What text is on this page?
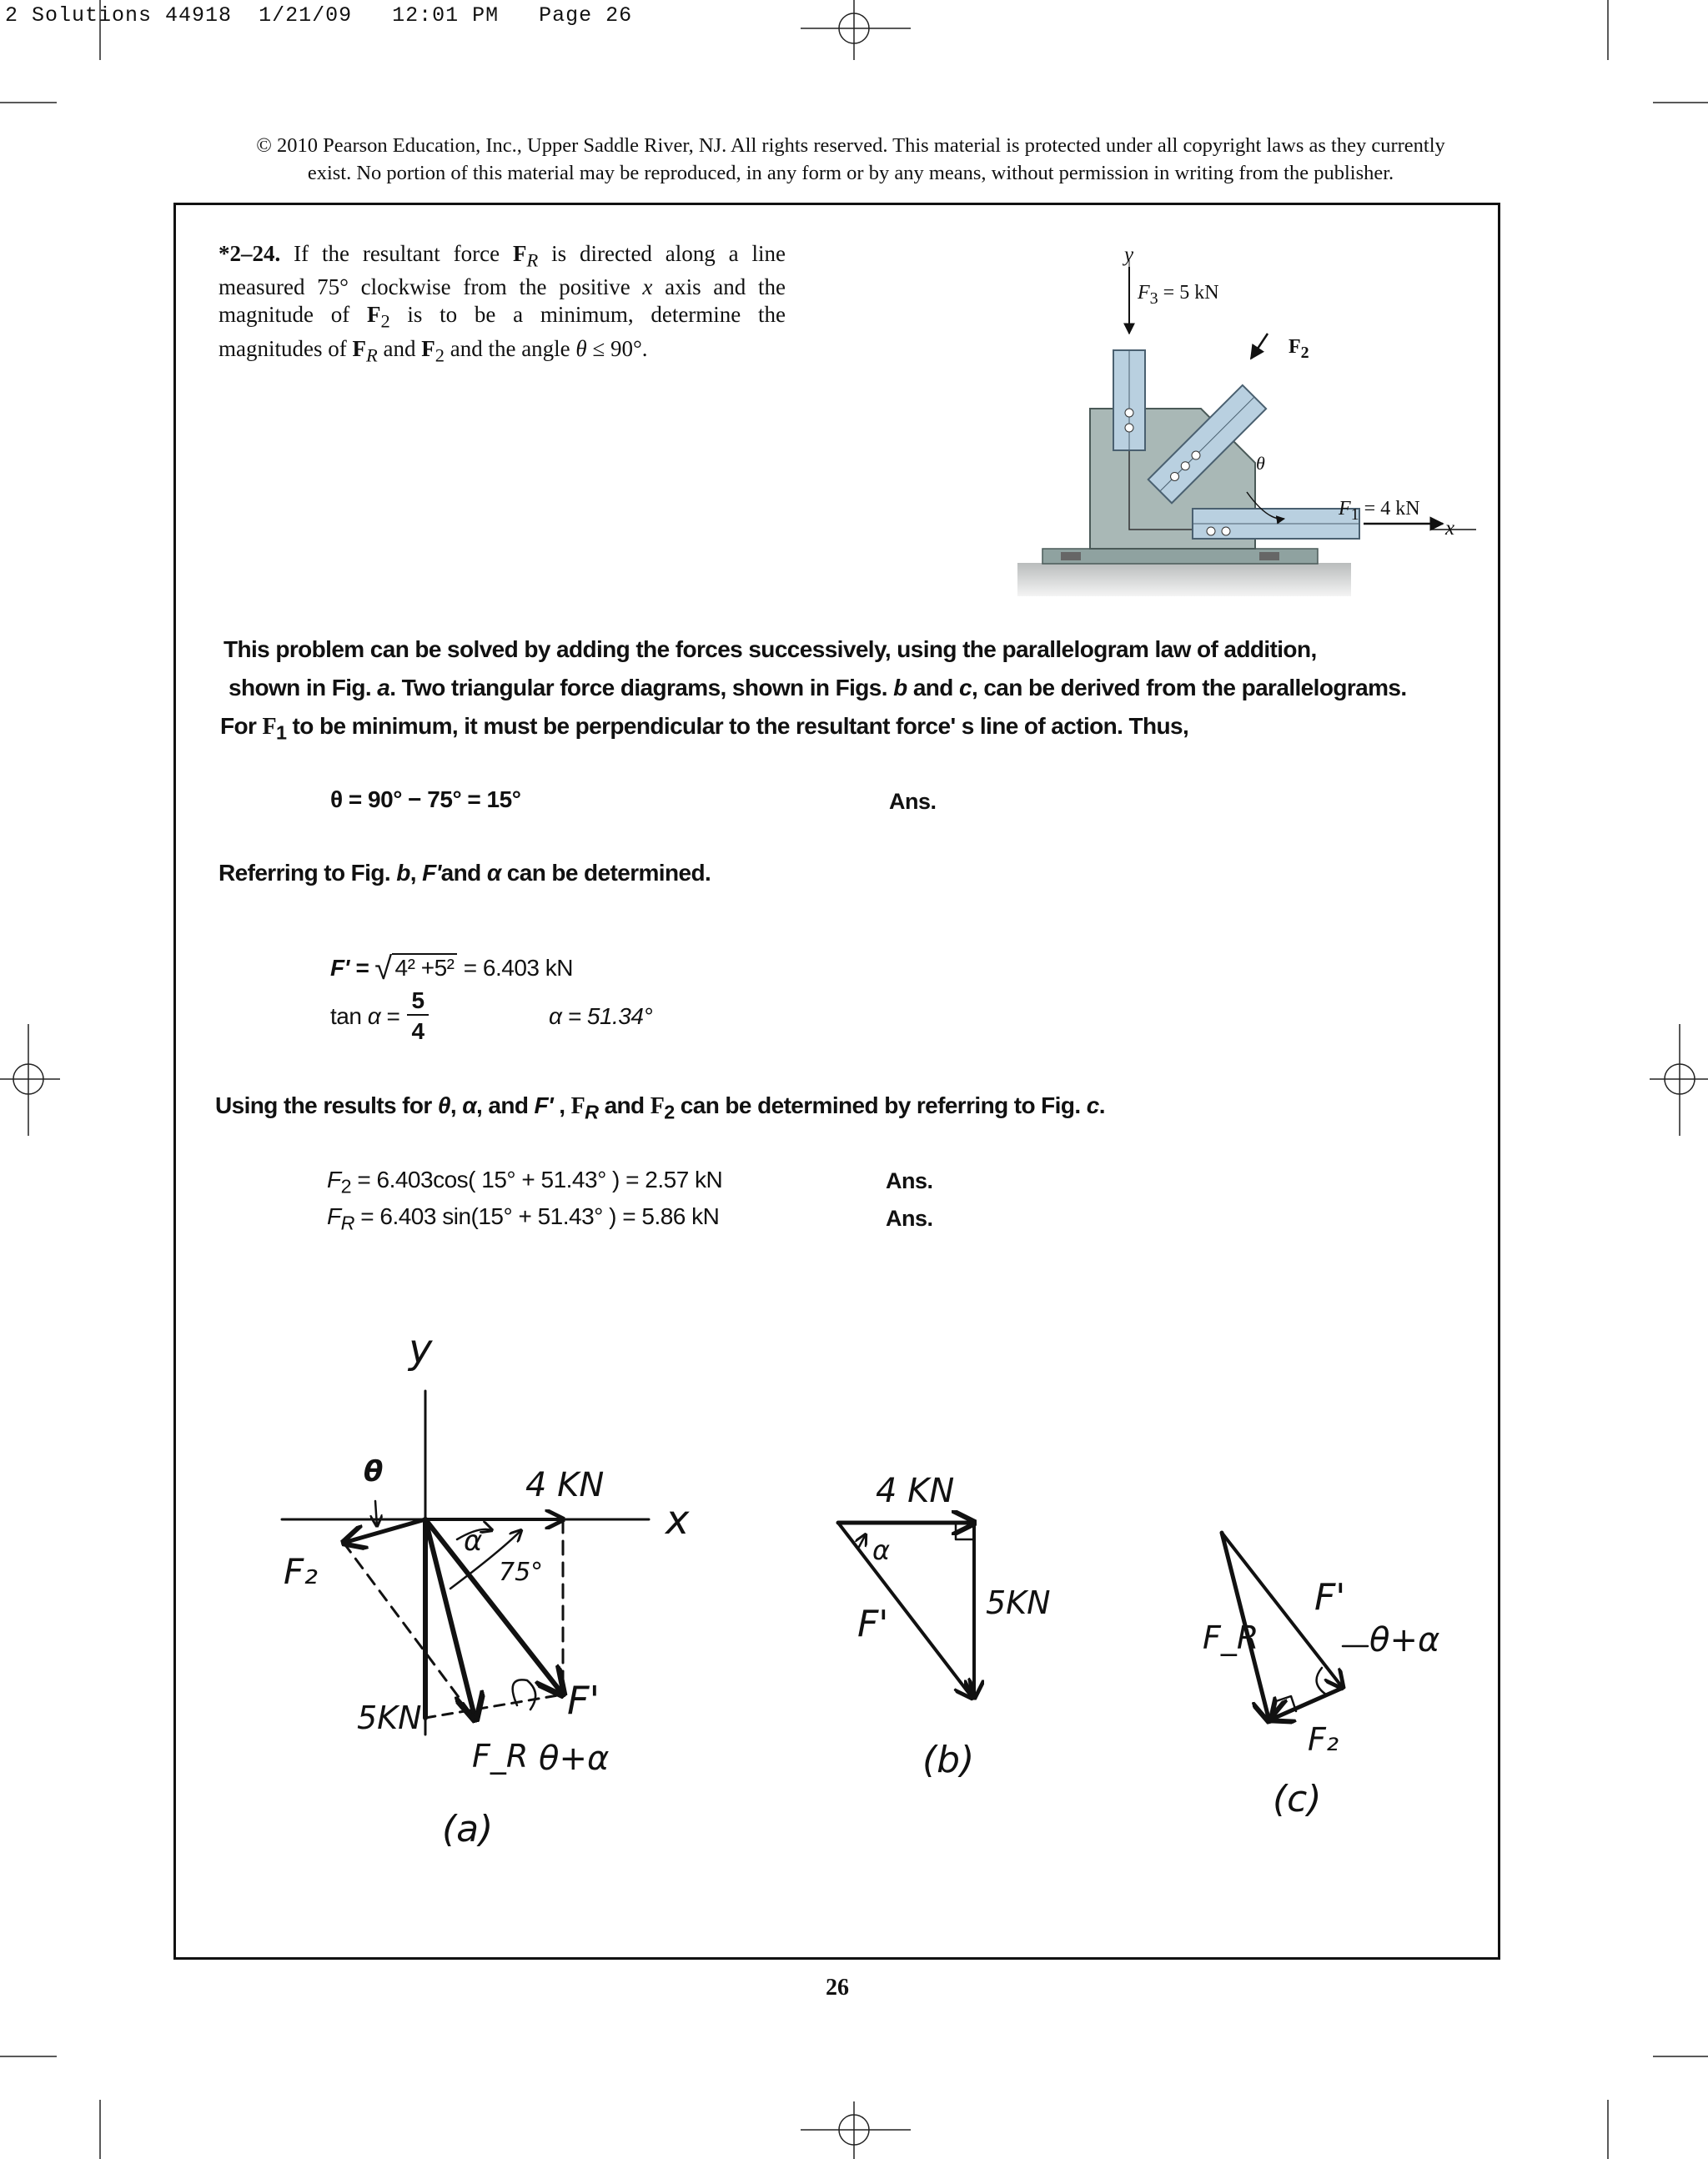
2 Solutions 44918 1/21/09 12:01 PM Page 26
© 2010 Pearson Education, Inc., Upper Saddle River, NJ. All rights reserved. This material is protected under all copyright laws as they currently
exist. No portion of this material may be reproduced, in any form or by any means, without permission in writing from the publisher.
*2–24. If the resultant force $F_R$ is directed along a line measured 75° clockwise from the positive x axis and the magnitude of $F_2$ is to be a minimum, determine the magnitudes of $F_R$ and $F_2$ and the angle θ ≤ 90°.
y
$F_3 = 5$ kN
$F_2$
θ
$F_1 = 4$ kN
x
This problem can be solved by adding the forces successively, using the parallelogram law of addition,
shown in Fig. a. Two triangular force diagrams, shown in Figs. b and c, can be derived from the parallelograms.
For $F_1$ to be minimum, it must be perpendicular to the resultant force' s line of action. Thus,
θ = 90° − 75° = 15°	Ans.
Referring to Fig. b, F'and α can be determined.
F' = √ 4² +5² = 6.403 kN
tan α =
5
4
α = 51.34°
Using the results for θ, α, and F' , $F_R$ and $F_2$ can be determined by referring to Fig. c.
$F_2 = 6.403\cos$( 15° + 51.43° ) = 2.57 kN	Ans.
$F_R = 6.403$ sin(15° + 51.43° ) = 5.86 kN	Ans.
y
x
θ	4 KN
α
75°
F₂
5KN	F'
F_R θ+α
(a)
4 KN
α
5KN
F'
(b)
F'
θ+α
F_R
F₂
(c)
26
